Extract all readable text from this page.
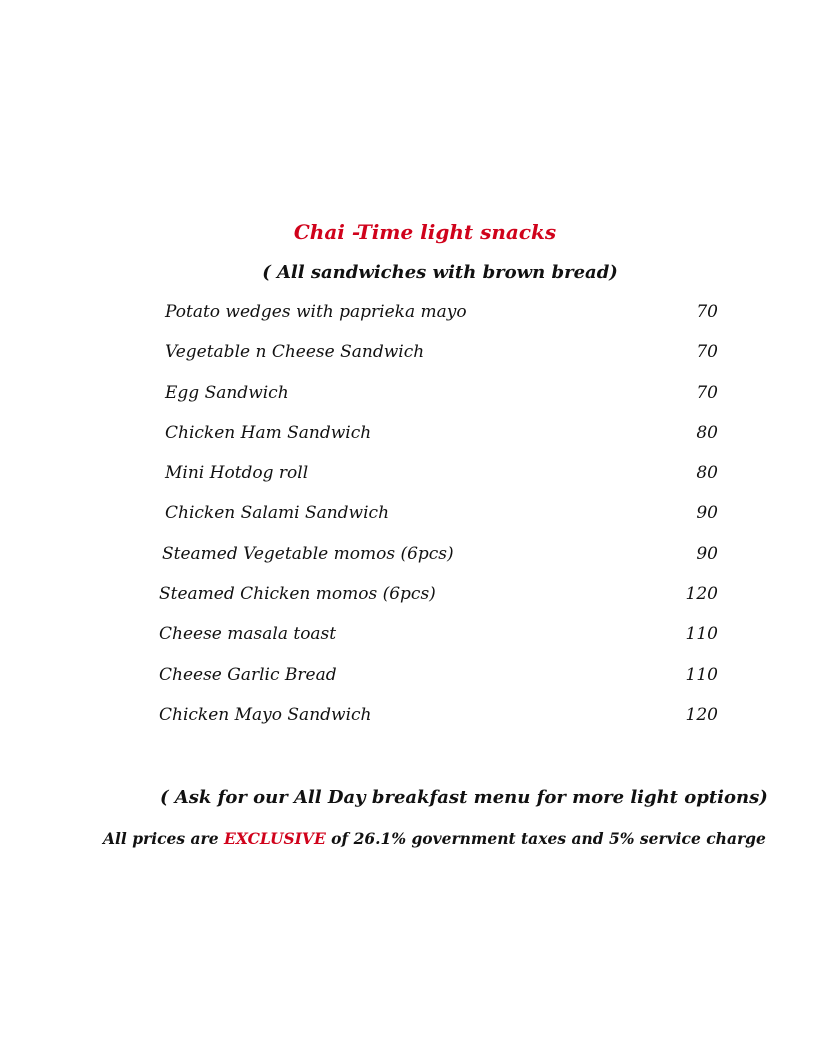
Chai -Time light snacks
( All sandwiches with brown bread)
Potato wedges with paprieka mayo	70
Vegetable n Cheese Sandwich	70
Egg Sandwich	70
Chicken Ham Sandwich	80
Mini Hotdog roll	80
Chicken Salami Sandwich	90
Steamed Vegetable momos (6pcs)	90
Steamed Chicken momos (6pcs)	120
Cheese masala toast	110
Cheese Garlic Bread	110
Chicken Mayo Sandwich	120
( Ask for our All Day breakfast menu for more light options)
All prices are EXCLUSIVE of 26.1% government taxes and 5% service charge
